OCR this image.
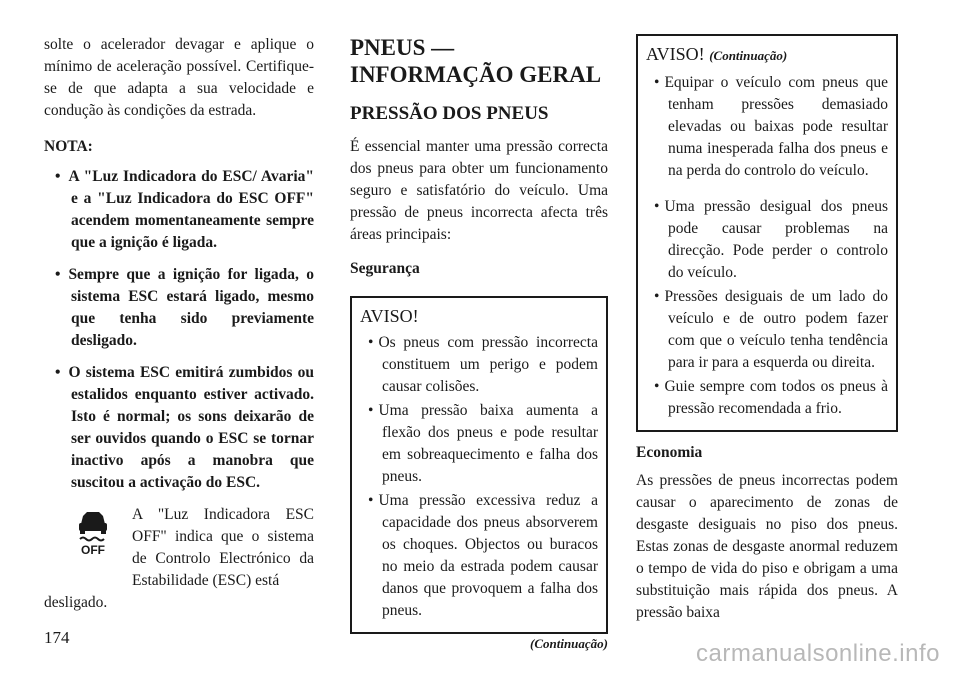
solte o acelerador devagar e aplique o mínimo de aceleração possível. Certifique-se de que adapta a sua velocidade e condução às condições da estrada.

NOTA:

• A "Luz Indicadora do ESC/ Avaria" e a "Luz Indicadora do ESC OFF" acendem momentaneamente sempre que a ignição é ligada.
• Sempre que a ignição for ligada, o sistema ESC estará ligado, mesmo que tenha sido previamente desligado.
• O sistema ESC emitirá zumbidos ou estalidos enquanto estiver activado. Isto é normal; os sons deixarão de ser ouvidos quando o ESC se tornar inactivo após a manobra que suscitou a activação do ESC.
OFF

A "Luz Indicadora ESC OFF" indica que o sistema de Controlo Electrónico da Estabilidade (ESC) está

desligado.

PNEUS — INFORMAÇÃO GERAL
PRESSÃO DOS PNEUS

É essencial manter uma pressão correcta dos pneus para obter um funcionamento seguro e satisfatório do veículo. Uma pressão de pneus incorrecta afecta três áreas principais:

Segurança

AVISO!
• Os pneus com pressão incorrecta constituem um perigo e podem causar colisões.
• Uma pressão baixa aumenta a flexão dos pneus e pode resultar em sobreaquecimento e falha dos pneus.
• Uma pressão excessiva reduz a capacidade dos pneus absorverem os choques. Objectos ou buracos no meio da estrada podem causar danos que provoquem a falha dos pneus.
(Continuação)
AVISO! (Continuação)
• Equipar o veículo com pneus que tenham pressões demasiado elevadas ou baixas pode resultar numa inesperada falha dos pneus e na perda do controlo do veículo.
• Uma pressão desigual dos pneus pode causar problemas na direcção. Pode perder o controlo do veículo.
• Pressões desiguais de um lado do veículo e de outro podem fazer com que o veículo tenha tendência para ir para a esquerda ou direita.
• Guie sempre com todos os pneus à pressão recomendada a frio.

Economia

As pressões de pneus incorrectas podem causar o aparecimento de zonas de desgaste desiguais no piso dos pneus. Estas zonas de desgaste anormal reduzem o tempo de vida do piso e obrigam a uma substituição mais rápida dos pneus. A pressão baixa

174
carmanualsonline.info
